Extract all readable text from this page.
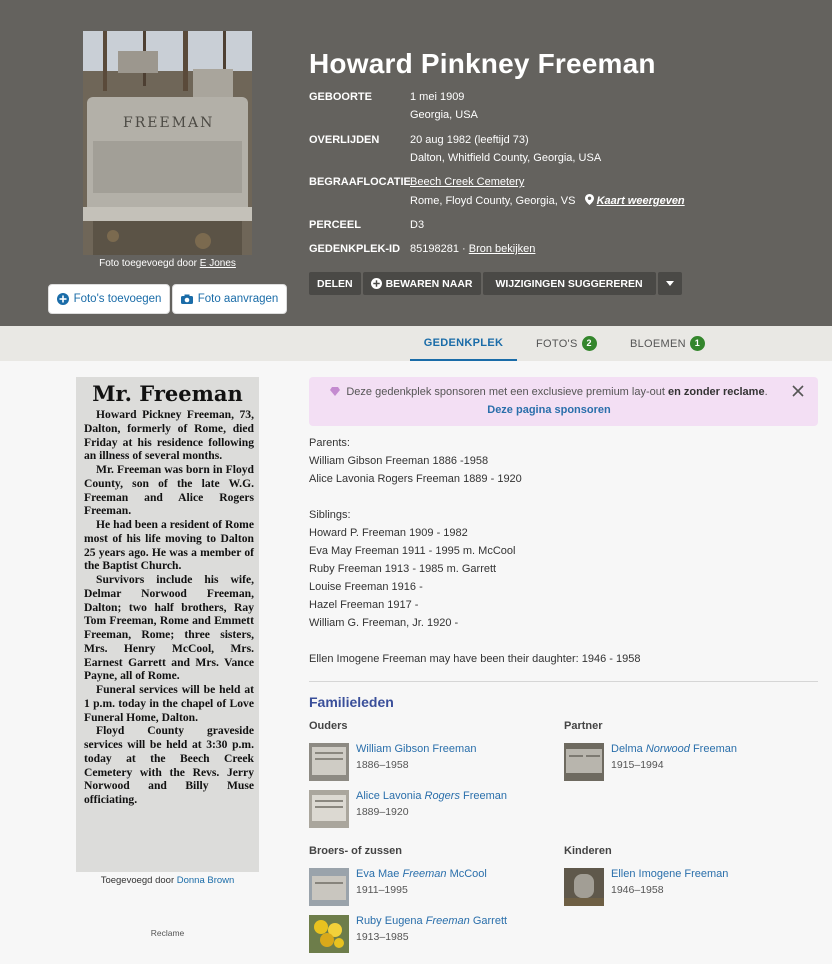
FREEMAN
Foto toegevoegd door E Jones
Foto's toevoegen	Foto aanvragen
Howard Pinkney Freeman
GEBOORTE	1 mei 1909
Georgia, USA
OVERLIJDEN	20 aug 1982 (leeftijd 73)
Dalton, Whitfield County, Georgia, USA
BEGRAAFLOCATIE Beech Creek Cemetery
Rome, Floyd County, Georgia, VS Kaart weergeven
PERCEEL	D3
GEDENKPLEK-ID 85198281 · Bron bekijken
DELEN	BEWAREN NAAR WIJZIGINGEN SUGGEREREN
GEDENKPLEK	FOTO'S 2	BLOEMEN 1
Mr. Freeman

Howard Pickney Freeman, 73, Dalton, formerly of Rome, died Friday at his residence following an illness of several months.

Mr. Freeman was born in Floyd County, son of the late W.G. Freeman and Alice Rogers Freeman.

He had been a resident of Rome most of his life moving to Dalton 25 years ago. He was a member of the Baptist Church.

Survivors include his wife, Delmar Norwood Freeman, Dalton; two half brothers, Ray Tom Freeman, Rome and Emmett Freeman, Rome; three sisters, Mrs. Henry McCool, Mrs. Earnest Garrett and Mrs. Vance Payne, all of Rome.

Funeral services will be held at 1 p.m. today in the chapel of Love Funeral Home, Dalton.

Floyd County graveside services will be held at 3:30 p.m. today at the Beech Creek Cemetery with the Revs. Jerry Norwood and Billy Muse officiating.

Toegevoegd door Donna Brown
Reclame
Deze gedenkplek sponsoren met een exclusieve premium lay-out en zonder reclame.
Deze pagina sponsoren
Parents:
William Gibson Freeman 1886 -1958
Alice Lavonia Rogers Freeman 1889 - 1920
Siblings:
Howard P. Freeman 1909 - 1982
Eva May Freeman 1911 - 1995 m. McCool
Ruby Freeman 1913 - 1985 m. Garrett
Louise Freeman 1916 -
Hazel Freeman 1917 -
William G. Freeman, Jr. 1920 -
Ellen Imogene Freeman may have been their daughter: 1946 - 1958
Familieleden
Ouders	Partner
Broers- of zussen	Kinderen
William Gibson Freeman
1886–1958
Alice Lavonia Rogers Freeman
1889–1920
Delma Norwood Freeman
1915–1994
Eva Mae Freeman McCool
1911–1995
Ruby Eugena Freeman Garrett
1913–1985
Ellen Imogene Freeman
1946–1958
